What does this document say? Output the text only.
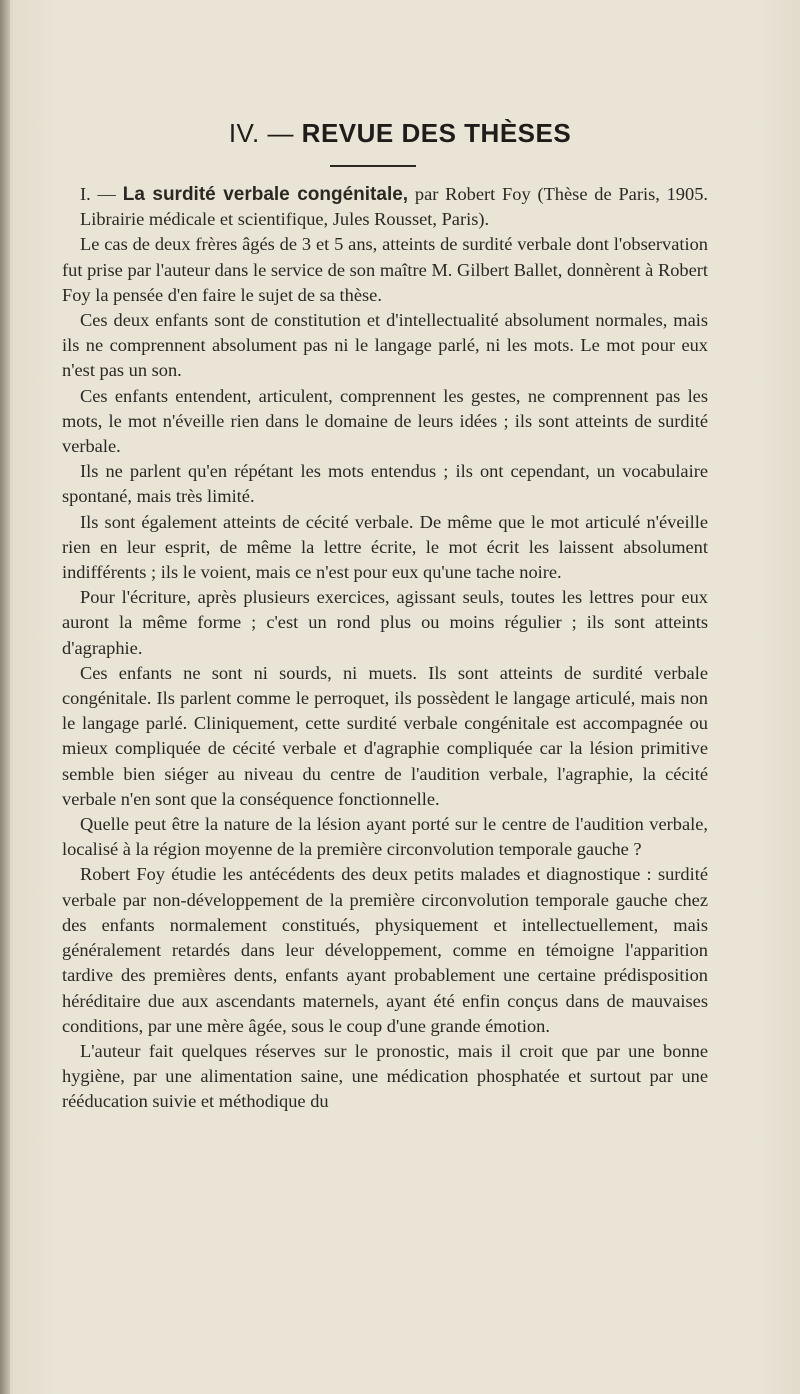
IV. — REVUE DES THÈSES

I. — La surdité verbale congénitale, par Robert Foy (Thèse de Paris, 1905. Librairie médicale et scientifique, Jules Rousset, Paris).

Le cas de deux frères âgés de 3 et 5 ans, atteints de surdité verbale dont l'observation fut prise par l'auteur dans le service de son maître M. Gilbert Ballet, donnèrent à Robert Foy la pensée d'en faire le sujet de sa thèse.

Ces deux enfants sont de constitution et d'intellectualité absolument normales, mais ils ne comprennent absolument pas ni le langage parlé, ni les mots. Le mot pour eux n'est pas un son.

Ces enfants entendent, articulent, comprennent les gestes, ne comprennent pas les mots, le mot n'éveille rien dans le domaine de leurs idées ; ils sont atteints de surdité verbale.

Ils ne parlent qu'en répétant les mots entendus ; ils ont cependant, un vocabulaire spontané, mais très limité.

Ils sont également atteints de cécité verbale. De même que le mot articulé n'éveille rien en leur esprit, de même la lettre écrite, le mot écrit les laissent absolument indifférents ; ils le voient, mais ce n'est pour eux qu'une tache noire.

Pour l'écriture, après plusieurs exercices, agissant seuls, toutes les lettres pour eux auront la même forme ; c'est un rond plus ou moins régulier ; ils sont atteints d'agraphie.

Ces enfants ne sont ni sourds, ni muets. Ils sont atteints de surdité verbale congénitale. Ils parlent comme le perroquet, ils possèdent le langage articulé, mais non le langage parlé. Cliniquement, cette surdité verbale congénitale est accompagnée ou mieux compliquée de cécité verbale et d'agraphie compliquée car la lésion primitive semble bien siéger au niveau du centre de l'audition verbale, l'agraphie, la cécité verbale n'en sont que la conséquence fonctionnelle.

Quelle peut être la nature de la lésion ayant porté sur le centre de l'audition verbale, localisé à la région moyenne de la première circonvolution temporale gauche ?

Robert Foy étudie les antécédents des deux petits malades et diagnostique : surdité verbale par non-développement de la première circonvolution temporale gauche chez des enfants normalement constitués, physiquement et intellectuellement, mais généralement retardés dans leur développement, comme en témoigne l'apparition tardive des premières dents, enfants ayant probablement une certaine prédisposition héréditaire due aux ascendants maternels, ayant été enfin conçus dans de mauvaises conditions, par une mère âgée, sous le coup d'une grande émotion.

L'auteur fait quelques réserves sur le pronostic, mais il croit que par une bonne hygiène, par une alimentation saine, une médication phosphatée et surtout par une rééducation suivie et méthodique du
